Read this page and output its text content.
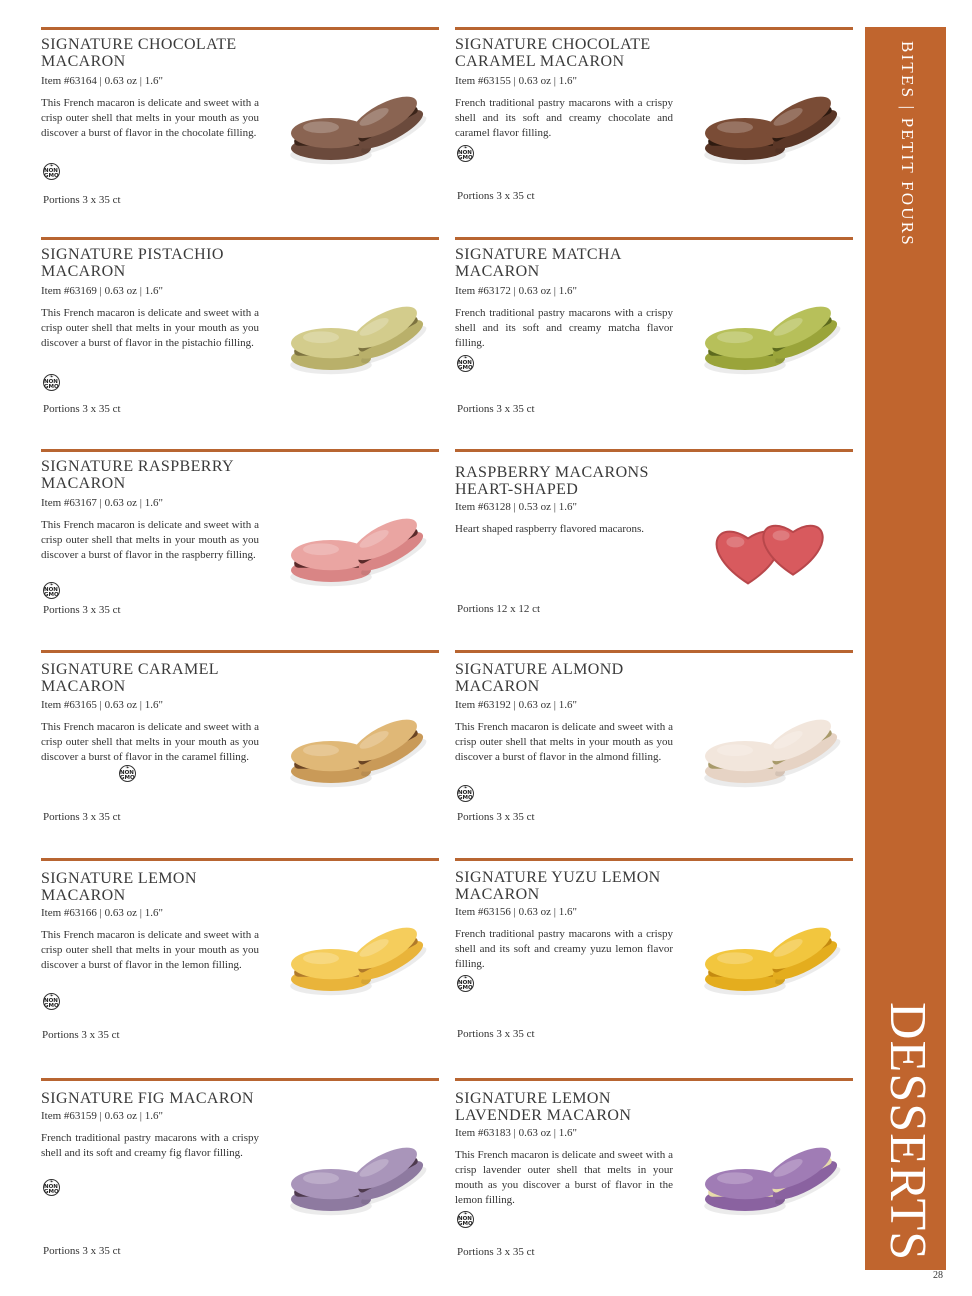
SIGNATURE CHOCOLATE MACARON
Item #63164 | 0.63 oz | 1.6"
This French macaron is delicate and sweet with a crisp outer shell that melts in your mouth as you discover a burst of flavor in the chocolate filling.
❧
NON GMO
Portions 3 x 35 ct
SIGNATURE CHOCOLATE CARAMEL MACARON
Item #63155 | 0.63 oz | 1.6"
French traditional pastry macarons with a crispy shell and its soft and creamy chocolate and caramel flavor filling.
❧
NON GMO
Portions 3 x 35 ct
SIGNATURE PISTACHIO MACARON
Item #63169 | 0.63 oz | 1.6"
This French macaron is delicate and sweet with a crisp outer shell that melts in your mouth as you discover a burst of flavor in the pistachio filling.
❧
NON GMO
Portions 3 x 35 ct
SIGNATURE MATCHA MACARON
Item #63172 | 0.63 oz | 1.6"
French traditional pastry macarons with a crispy shell and its soft and creamy matcha flavor filling.
❧
NON GMO
Portions 3 x 35 ct
SIGNATURE RASPBERRY MACARON
Item #63167 | 0.63 oz | 1.6"
This French macaron is delicate and sweet with a crisp outer shell that melts in your mouth as you discover a burst of flavor in the raspberry filling.
❧
NON GMO
Portions 3 x 35 ct
RASPBERRY MACARONS HEART-SHAPED
Item #63128 | 0.53 oz | 1.6"
Heart shaped raspberry flavored macarons.
Portions 12 x 12 ct
SIGNATURE CARAMEL MACARON
Item #63165 | 0.63 oz | 1.6"
This French macaron is delicate and sweet with a crisp outer shell that melts in your mouth as you discover a burst of flavor in the caramel filling.
❧
NON GMO
Portions 3 x 35 ct
SIGNATURE ALMOND MACARON
Item #63192 | 0.63 oz | 1.6"
This French macaron is delicate and sweet with a crisp outer shell that melts in your mouth as you discover a burst of flavor in the almond filling.
❧
NON GMO
Portions 3 x 35 ct
SIGNATURE LEMON MACARON
Item #63166 | 0.63 oz | 1.6"
This French macaron is delicate and sweet with a crisp outer shell that melts in your mouth as you discover a burst of flavor in the lemon filling.
❧
NON GMO
Portions 3 x 35 ct
SIGNATURE YUZU LEMON MACARON
Item #63156 | 0.63 oz | 1.6"
French traditional pastry macarons with a crispy shell and its soft and creamy yuzu lemon flavor filling.
❧
NON GMO
Portions 3 x 35 ct
SIGNATURE FIG MACARON
Item #63159 | 0.63 oz | 1.6"
French traditional pastry macarons with a crispy shell and its soft and creamy fig flavor filling.
❧
NON GMO
Portions 3 x 35 ct
SIGNATURE LEMON LAVENDER MACARON
Item #63183 | 0.63 oz | 1.6"
This French macaron is delicate and sweet with a crisp lavender outer shell that melts in your mouth as you discover a burst of flavor in the lemon filling.
❧
NON GMO
Portions 3 x 35 ct
BITES | PETIT FOURS
DESSERTS
28
